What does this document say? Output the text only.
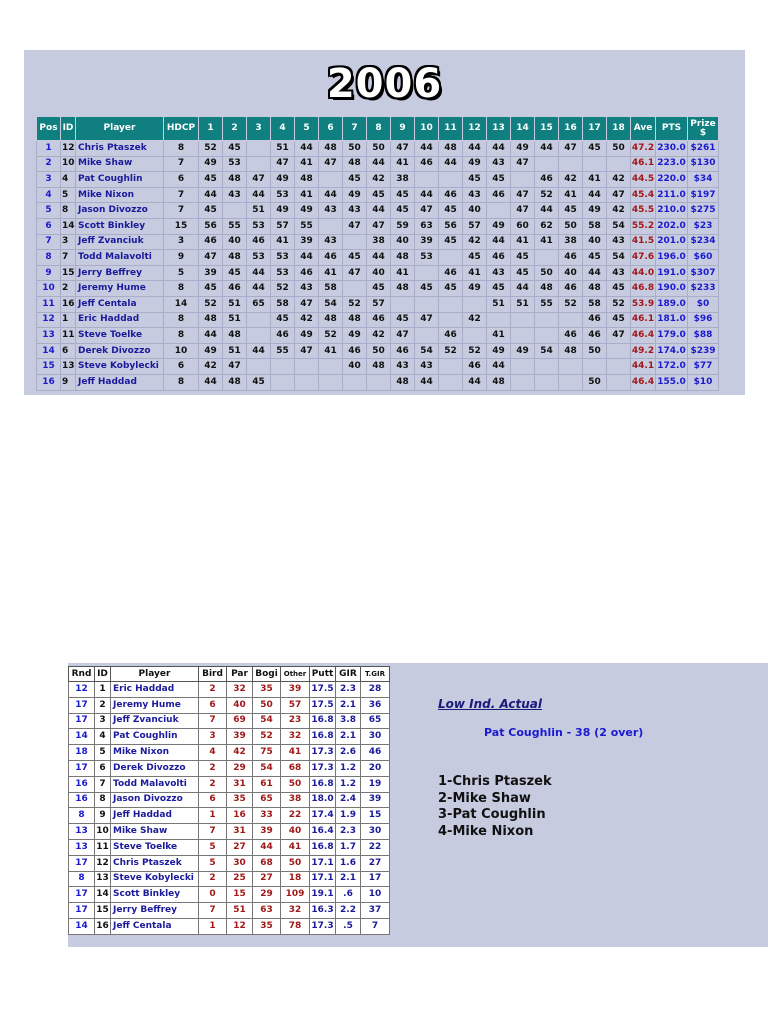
2006
Pos	ID	Player	HDCP	1	2	3	4	5	6	7	8	9	10	11	12	13	14	15	16	17	18	Ave	PTS	Prize $
1	12	Chris Ptaszek	8	52	45		51	44	48	50	50	47	44	48	44	44	49	44	47	45	50	47.2	230.0	$261
2	10	Mike Shaw	7	49	53		47	41	47	48	44	41	46	44	49	43	47					46.1	223.0	$130
3	4	Pat Coughlin	6	45	48	47	49	48		45	42	38			45	45		46	42	41	42	44.5	220.0	$34
4	5	Mike Nixon	7	44	43	44	53	41	44	49	45	45	44	46	43	46	47	52	41	44	47	45.4	211.0	$197
5	8	Jason Divozzo	7	45		51	49	49	43	43	44	45	47	45	40		47	44	45	49	42	45.5	210.0	$275
6	14	Scott Binkley	15	56	55	53	57	55		47	47	59	63	56	57	49	60	62	50	58	54	55.2	202.0	$23
7	3	Jeff Zvanciuk	3	46	40	46	41	39	43		38	40	39	45	42	44	41	41	38	40	43	41.5	201.0	$234
8	7	Todd Malavolti	9	47	48	53	53	44	46	45	44	48	53		45	46	45		46	45	54	47.6	196.0	$60
9	15	Jerry Beffrey	5	39	45	44	53	46	41	47	40	41		46	41	43	45	50	40	44	43	44.0	191.0	$307
10	2	Jeremy Hume	8	45	46	44	52	43	58		45	48	45	45	49	45	44	48	46	48	45	46.8	190.0	$233
11	16	Jeff Centala	14	52	51	65	58	47	54	52	57					51	51	55	52	58	52	53.9	189.0	$0
12	1	Eric Haddad	8	48	51		45	42	48	48	46	45	47		42					46	45	46.1	181.0	$96
13	11	Steve Toelke	8	44	48		46	49	52	49	42	47		46		41			46	46	47	46.4	179.0	$88
14	6	Derek Divozzo	10	49	51	44	55	47	41	46	50	46	54	52	52	49	49	54	48	50		49.2	174.0	$239
15	13	Steve Kobylecki	6	42	47					40	48	43	43		46	44						44.1	172.0	$77
16	9	Jeff Haddad	8	44	48	45						48	44		44	48				50		46.4	155.0	$10
Rnd	ID	Player	Bird	Par	Bogi	Other	Putt	GIR	T.GIR
12	1	Eric Haddad	2	32	35	39	17.5	2.3	28
17	2	Jeremy Hume	6	40	50	57	17.5	2.1	36
17	3	Jeff Zvanciuk	7	69	54	23	16.8	3.8	65
14	4	Pat Coughlin	3	39	52	32	16.8	2.1	30
18	5	Mike Nixon	4	42	75	41	17.3	2.6	46
17	6	Derek Divozzo	2	29	54	68	17.3	1.2	20
16	7	Todd Malavolti	2	31	61	50	16.8	1.2	19
16	8	Jason Divozzo	6	35	65	38	18.0	2.4	39
8	9	Jeff Haddad	1	16	33	22	17.4	1.9	15
13	10	Mike Shaw	7	31	39	40	16.4	2.3	30
13	11	Steve Toelke	5	27	44	41	16.8	1.7	22
17	12	Chris Ptaszek	5	30	68	50	17.1	1.6	27
8	13	Steve Kobylecki	2	25	27	18	17.1	2.1	17
17	14	Scott Binkley	0	15	29	109	19.1	.6	10
17	15	Jerry Beffrey	7	51	63	32	16.3	2.2	37
14	16	Jeff Centala	1	12	35	78	17.3	.5	7
Low Ind. Actual
Pat Coughlin - 38 (2 over)
1-Chris Ptaszek
2-Mike Shaw
3-Pat Coughlin
4-Mike Nixon
